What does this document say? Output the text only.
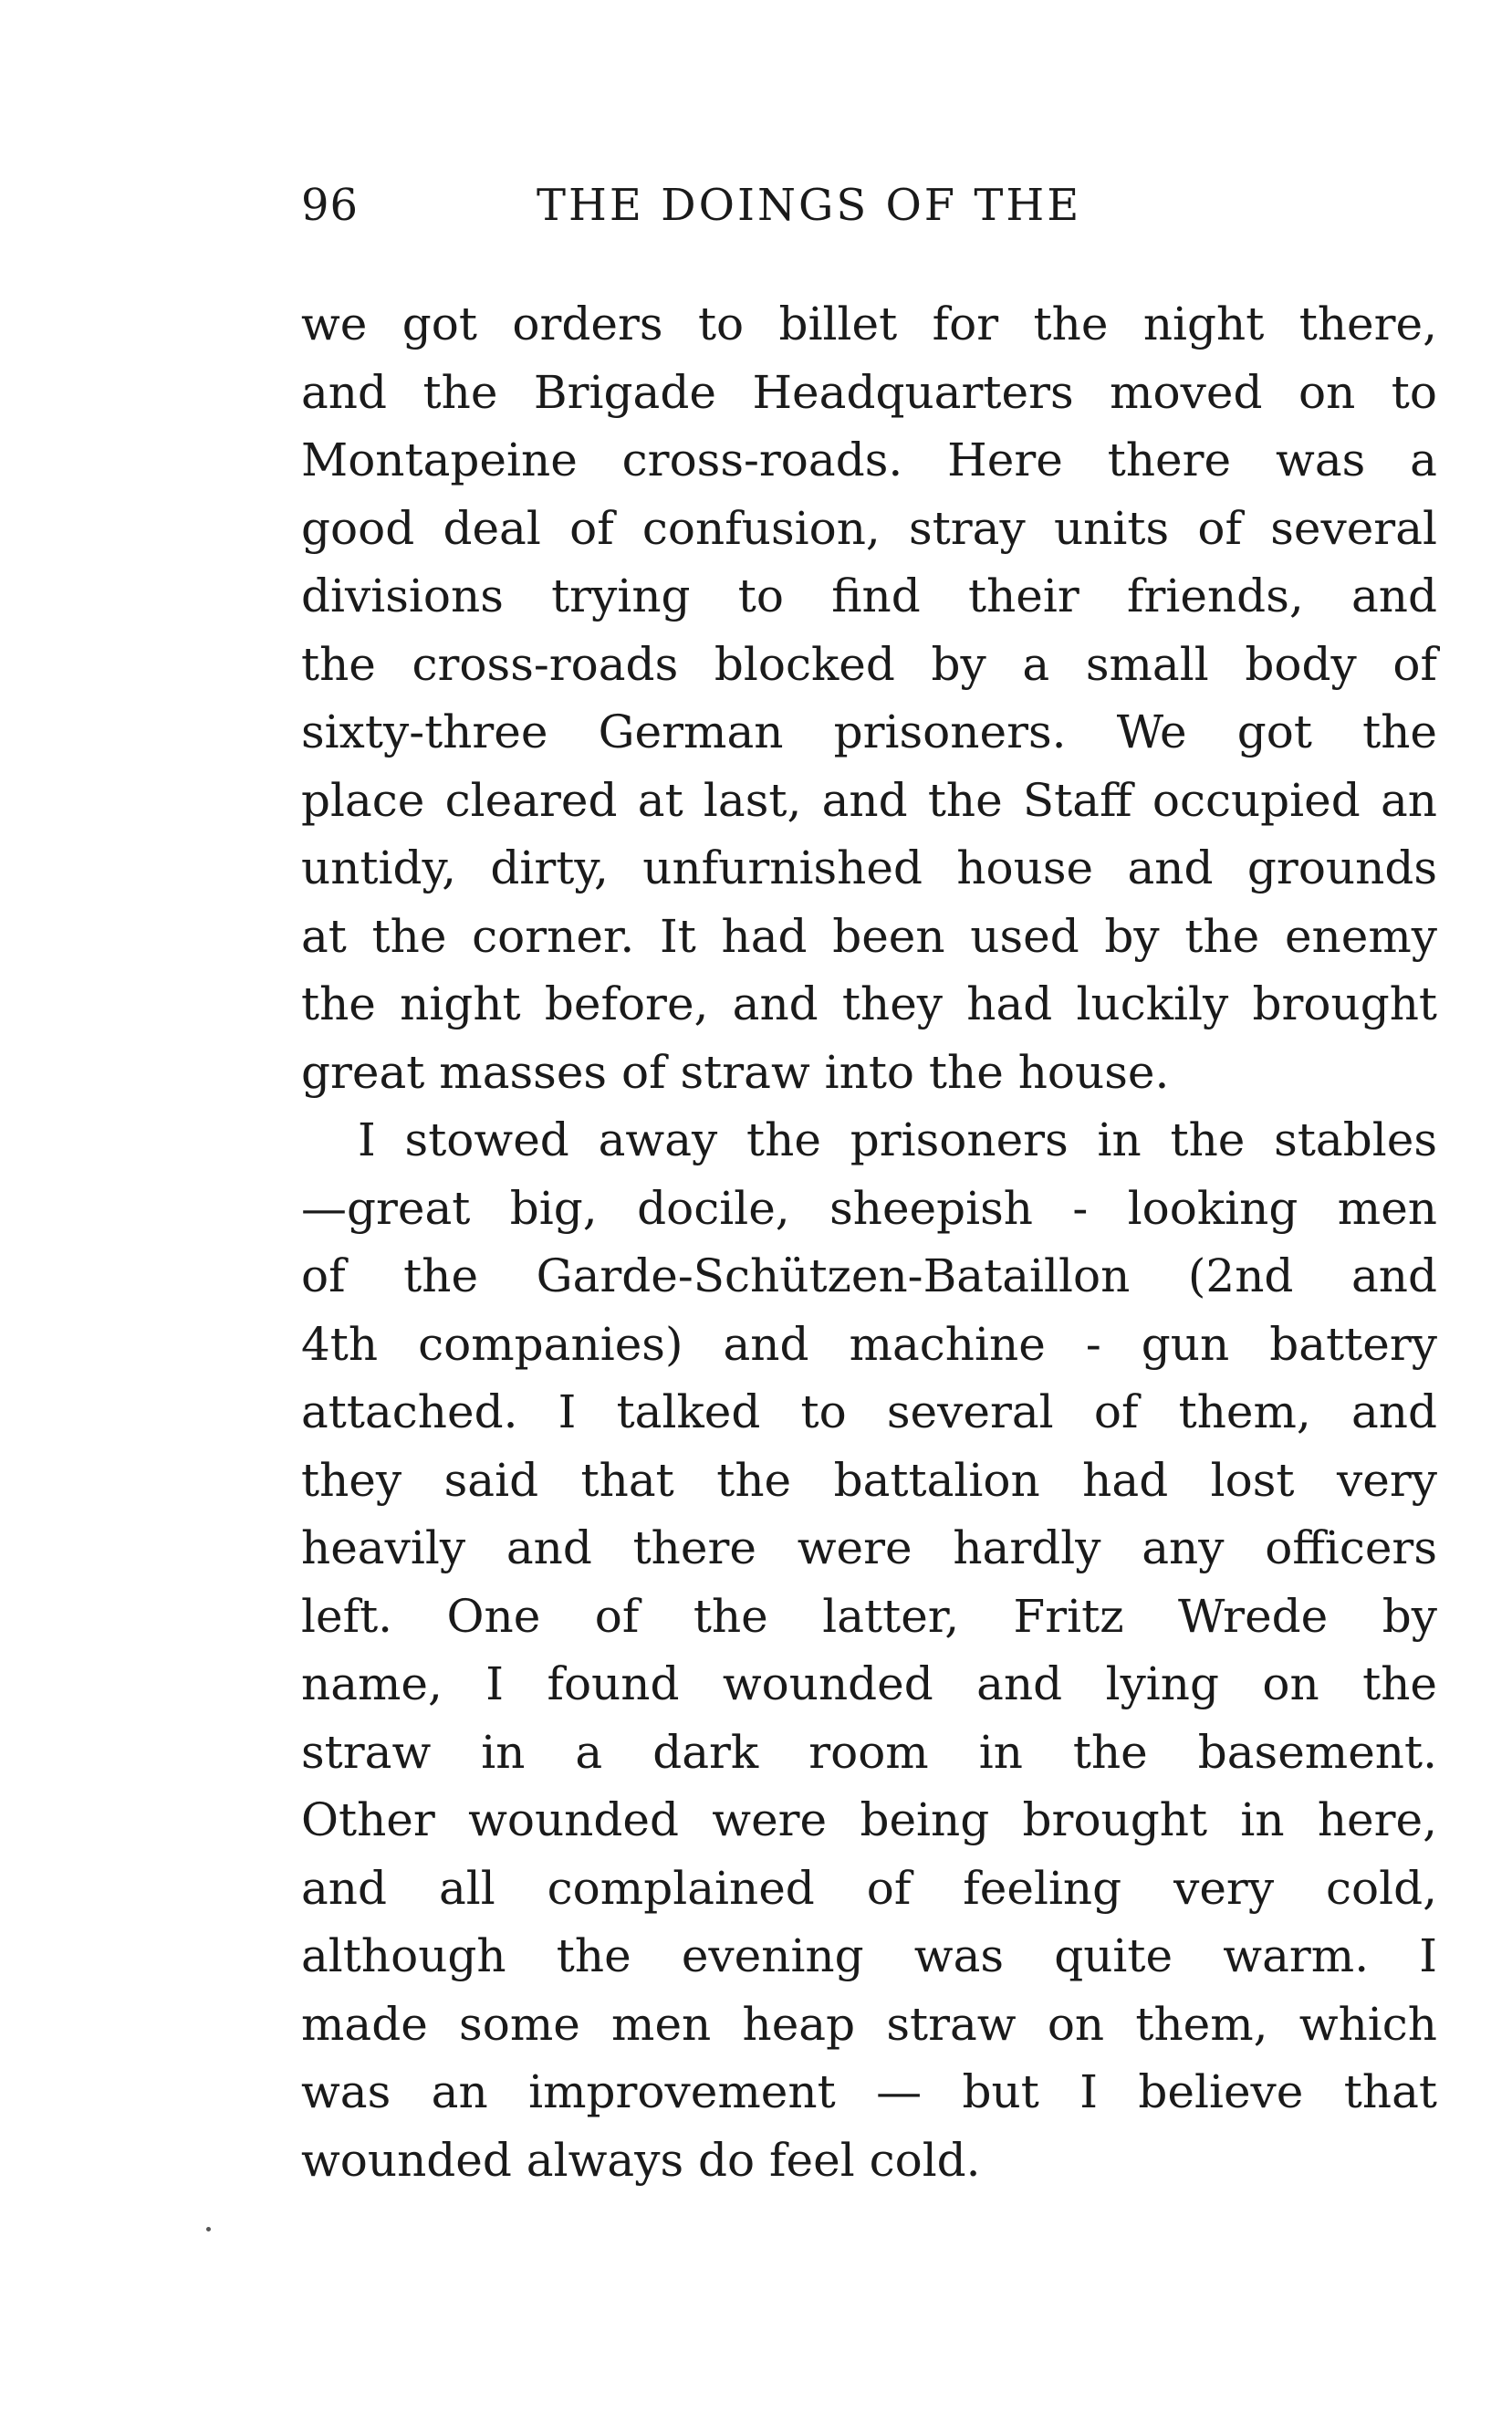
96	THE DOINGS OF THE
we got orders to billet for the night there,
and the Brigade Headquarters moved on to
Montapeine cross-roads. Here there was a
good deal of confusion, stray units of several
divisions trying to find their friends, and
the cross-roads blocked by a small body of
sixty-three German prisoners. We got the
place cleared at last, and the Staff occupied an
untidy, dirty, unfurnished house and grounds
at the corner. It had been used by the enemy
the night before, and they had luckily brought
great masses of straw into the house.
I stowed away the prisoners in the stables
—great big, docile, sheepish - looking men
of the Garde-Schützen-Bataillon (2nd and
4th companies) and machine - gun battery
attached. I talked to several of them, and
they said that the battalion had lost very
heavily and there were hardly any officers
left. One of the latter, Fritz Wrede by
name, I found wounded and lying on the
straw in a dark room in the basement.
Other wounded were being brought in here,
and all complained of feeling very cold,
although the evening was quite warm. I
made some men heap straw on them, which
was an improvement — but I believe that
wounded always do feel cold.
